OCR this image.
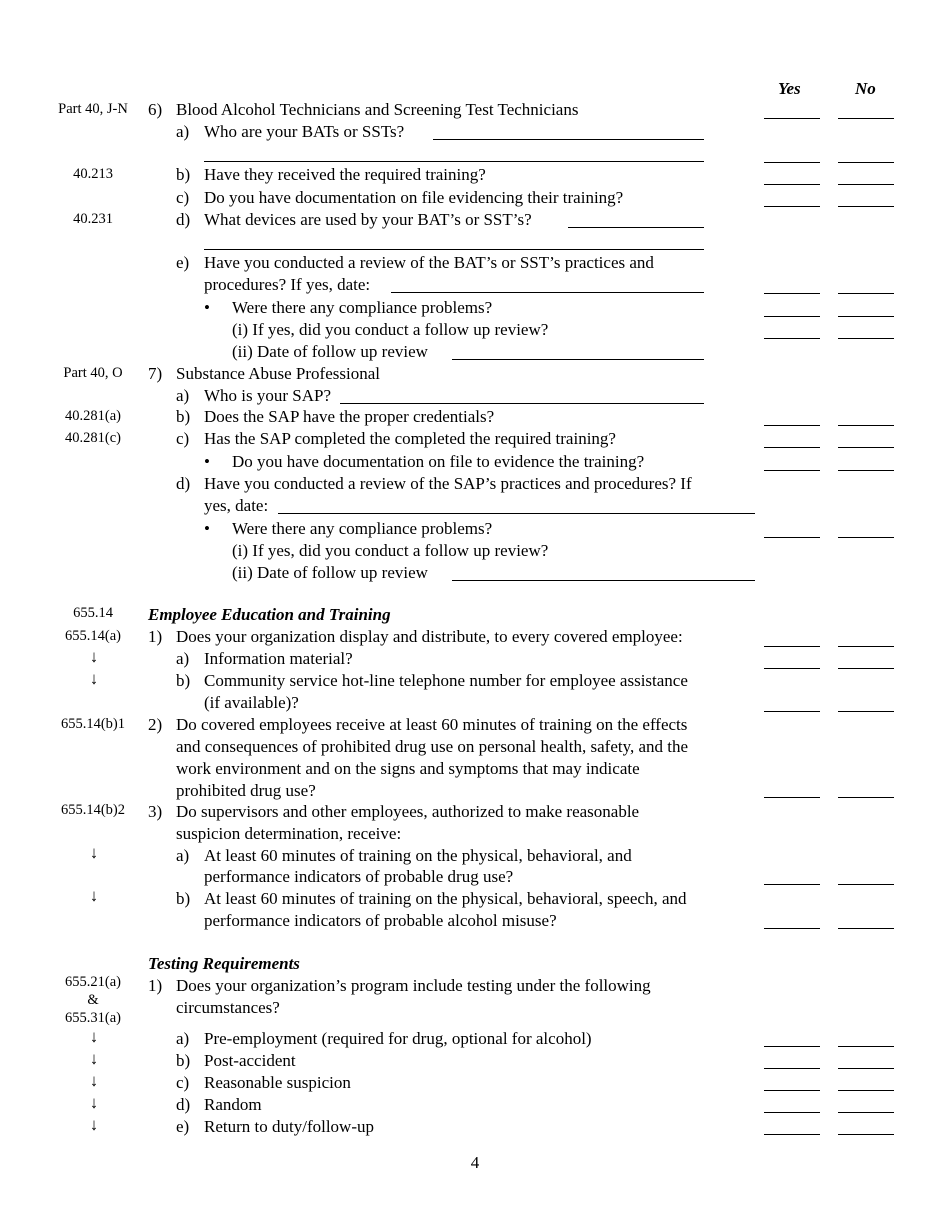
Yes	No
Part 40, J-N
40.213
40.231
Part 40, O
40.281(a)
40.281(c)
655.14
655.14(a)
655.14(b)1
655.14(b)2
655.21(a)
&
655.31(a)
↓
↓
↓
↓
↓
↓
↓
↓
↓
6) Blood Alcohol Technicians and Screening Test Technicians
a) Who are your BATs or SSTs?
b) Have they received the required training?
c) Do you have documentation on file evidencing their training?
d) What devices are used by your BAT’s or SST’s?
e) Have you conducted a review of the BAT’s or SST’s practices and
procedures? If yes, date:
• Were there any compliance problems?
(i) If yes, did you conduct a follow up review?
(ii) Date of follow up review
7) Substance Abuse Professional
a) Who is your SAP?
b) Does the SAP have the proper credentials?
c) Has the SAP completed the completed the required training?
• Do you have documentation on file to evidence the training?
d) Have you conducted a review of the SAP’s practices and procedures? If
yes, date:
• Were there any compliance problems?
(i) If yes, did you conduct a follow up review?
(ii) Date of follow up review
Employee Education and Training
1) Does your organization display and distribute, to every covered employee:
a) Information material?
b) Community service hot-line telephone number for employee assistance
(if available)?
2) Do covered employees receive at least 60 minutes of training on the effects
and consequences of prohibited drug use on personal health, safety, and the
work environment and on the signs and symptoms that may indicate
prohibited drug use?
3) Do supervisors and other employees, authorized to make reasonable
suspicion determination, receive:
a) At least 60 minutes of training on the physical, behavioral, and
performance indicators of probable drug use?
b) At least 60 minutes of training on the physical, behavioral, speech, and
performance indicators of probable alcohol misuse?
Testing Requirements
1) Does your organization’s program include testing under the following
circumstances?
a) Pre-employment (required for drug, optional for alcohol)
b) Post-accident
c) Reasonable suspicion
d) Random
e) Return to duty/follow-up
4
